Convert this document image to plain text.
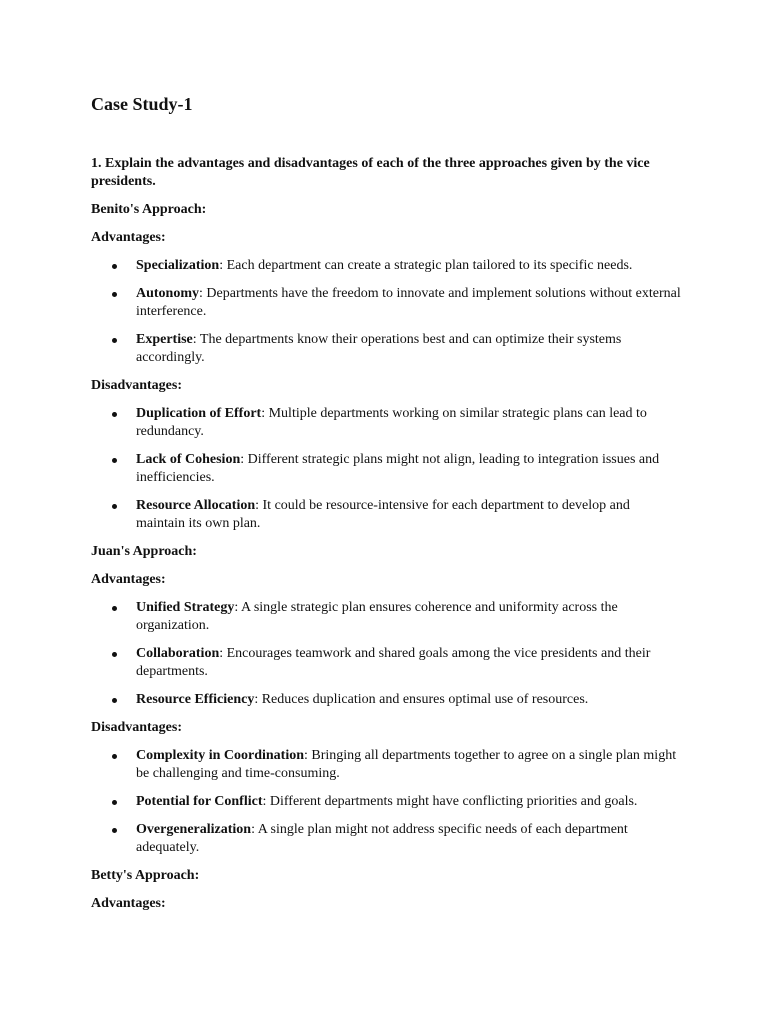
Case Study-1

1. Explain the advantages and disadvantages of each of the three approaches given by the vice presidents.

Benito's Approach:

Advantages:

Specialization: Each department can create a strategic plan tailored to its specific needs.
Autonomy: Departments have the freedom to innovate and implement solutions without external interference.
Expertise: The departments know their operations best and can optimize their systems accordingly.

Disadvantages:

Duplication of Effort: Multiple departments working on similar strategic plans can lead to redundancy.
Lack of Cohesion: Different strategic plans might not align, leading to integration issues and inefficiencies.
Resource Allocation: It could be resource-intensive for each department to develop and maintain its own plan.

Juan's Approach:

Advantages:

Unified Strategy: A single strategic plan ensures coherence and uniformity across the organization.
Collaboration: Encourages teamwork and shared goals among the vice presidents and their departments.
Resource Efficiency: Reduces duplication and ensures optimal use of resources.

Disadvantages:

Complexity in Coordination: Bringing all departments together to agree on a single plan might be challenging and time-consuming.
Potential for Conflict: Different departments might have conflicting priorities and goals.
Overgeneralization: A single plan might not address specific needs of each department adequately.

Betty's Approach:

Advantages:
